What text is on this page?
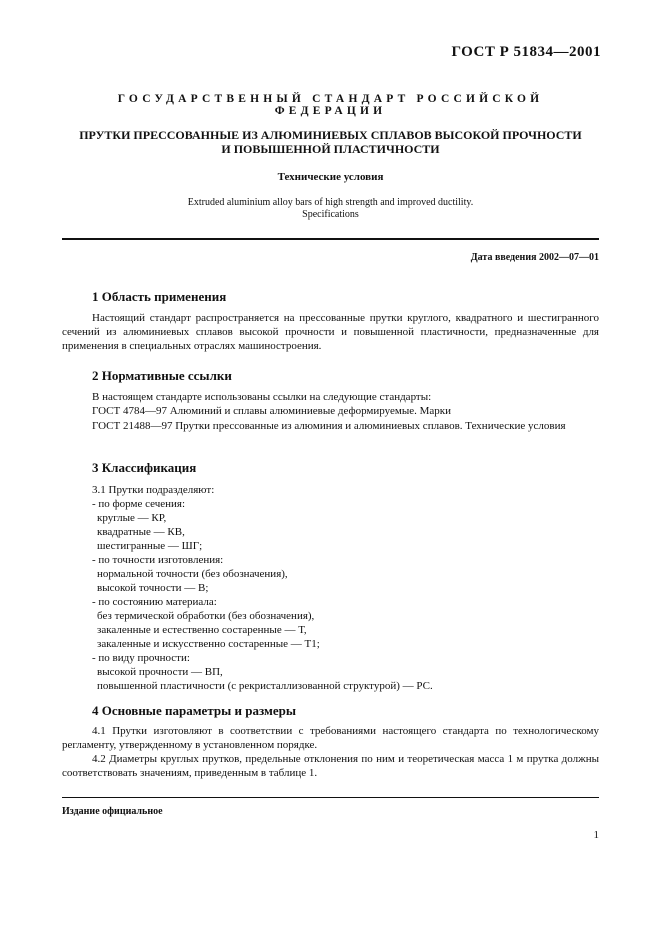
ГОСТ Р 51834—2001
ГОСУДАРСТВЕННЫЙ СТАНДАРТ РОССИЙСКОЙ ФЕДЕРАЦИИ
ПРУТКИ ПРЕССОВАННЫЕ ИЗ АЛЮМИНИЕВЫХ СПЛАВОВ ВЫСОКОЙ ПРОЧНОСТИ
И ПОВЫШЕННОЙ ПЛАСТИЧНОСТИ
Технические условия
Extruded aluminium alloy bars of high strength and improved ductility.
Specifications
Дата введения 2002—07—01
1 Область применения

Настоящий стандарт распространяется на прессованные прутки круглого, квадратного и шестигранного сечений из алюминиевых сплавов высокой прочности и повышенной пластичности, предназначенные для применения в специальных отраслях машиностроения.

2 Нормативные ссылки
В настоящем стандарте использованы ссылки на следующие стандарты:
ГОСТ 4784—97 Алюминий и сплавы алюминиевые деформируемые. Марки

ГОСТ 21488—97 Прутки прессованные из алюминия и алюминиевых сплавов. Технические условия

3 Классификация
3.1 Прутки подразделяют:
- по форме сечения:
круглые — КР,
квадратные — КВ,
шестигранные — ШГ;
- по точности изготовления:
нормальной точности (без обозначения),
высокой точности — В;
- по состоянию материала:
без термической обработки (без обозначения),
закаленные и естественно состаренные — Т,
закаленные и искусственно состаренные — Т1;
- по виду прочности:
высокой прочности — ВП,
повышенной пластичности (с рекристаллизованной структурой) — РС.
4 Основные параметры и размеры

4.1 Прутки изготовляют в соответствии с требованиями настоящего стандарта по технологическому регламенту, утвержденному в установленном порядке.

4.2 Диаметры круглых прутков, предельные отклонения по ним и теоретическая масса 1 м прутка должны соответствовать значениям, приведенным в таблице 1.

Издание официальное
1
